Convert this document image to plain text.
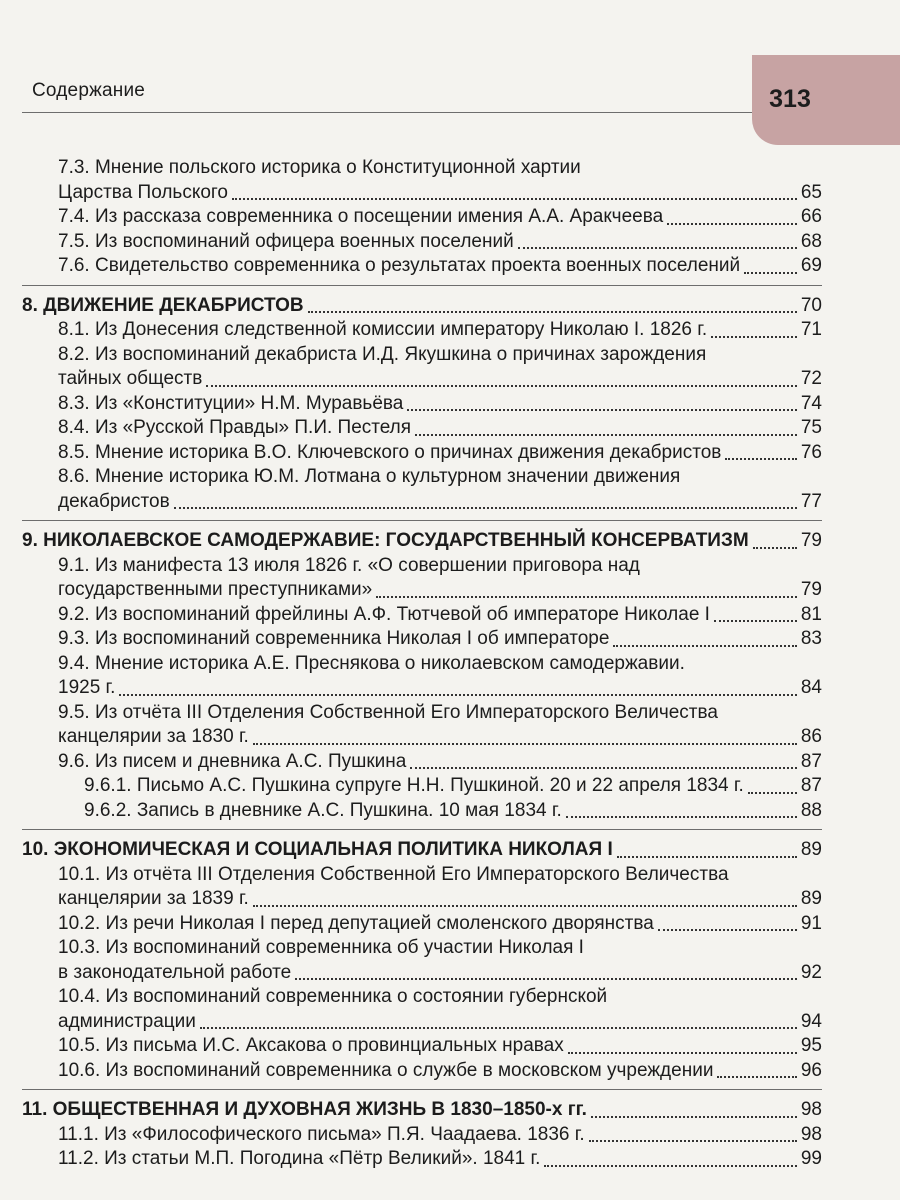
Содержание	313
7.3. Мнение польского историка о Конституционной хартии
Царства Польского	65
7.4. Из рассказа современника о посещении имения А.А. Аракчеева	66
7.5. Из воспоминаний офицера военных поселений	68
7.6. Свидетельство современника о результатах проекта военных поселений	69
8. ДВИЖЕНИЕ ДЕКАБРИСТОВ	70
8.1. Из Донесения следственной комиссии императору Николаю I. 1826 г.	71
8.2. Из воспоминаний декабриста И.Д. Якушкина о причинах зарождения
тайных обществ	72
8.3. Из «Конституции» Н.М. Муравьёва	74
8.4. Из «Русской Правды» П.И. Пестеля	75
8.5. Мнение историка В.О. Ключевского о причинах движения декабристов	76
8.6. Мнение историка Ю.М. Лотмана о культурном значении движения
декабристов	77
9. НИКОЛАЕВСКОЕ САМОДЕРЖАВИЕ: ГОСУДАРСТВЕННЫЙ КОНСЕРВАТИЗМ	79
9.1. Из манифеста 13 июля 1826 г. «О совершении приговора над
государственными преступниками»	79
9.2. Из воспоминаний фрейлины А.Ф. Тютчевой об императоре Николае I	81
9.3. Из воспоминаний современника Николая I об императоре	83
9.4. Мнение историка А.Е. Преснякова о николаевском самодержавии.
1925 г.	84
9.5. Из отчёта III Отделения Собственной Его Императорского Величества
канцелярии за 1830 г.	86
9.6. Из писем и дневника А.С. Пушкина	87
9.6.1. Письмо А.С. Пушкина супруге Н.Н. Пушкиной. 20 и 22 апреля 1834 г.	87
9.6.2. Запись в дневнике А.С. Пушкина. 10 мая 1834 г.	88
10. ЭКОНОМИЧЕСКАЯ И СОЦИАЛЬНАЯ ПОЛИТИКА НИКОЛАЯ I	89
10.1. Из отчёта III Отделения Собственной Его Императорского Величества
канцелярии за 1839 г.	89
10.2. Из речи Николая I перед депутацией смоленского дворянства	91
10.3. Из воспоминаний современника об участии Николая I
в законодательной работе	92
10.4. Из воспоминаний современника о состоянии губернской
администрации	94
10.5. Из письма И.С. Аксакова о провинциальных нравах	95
10.6. Из воспоминаний современника о службе в московском учреждении	96
11. ОБЩЕСТВЕННАЯ И ДУХОВНАЯ ЖИЗНЬ В 1830–1850-х гг.	98
11.1. Из «Философического письма» П.Я. Чаадаева. 1836 г.	98
11.2. Из статьи М.П. Погодина «Пётр Великий». 1841 г.	99
